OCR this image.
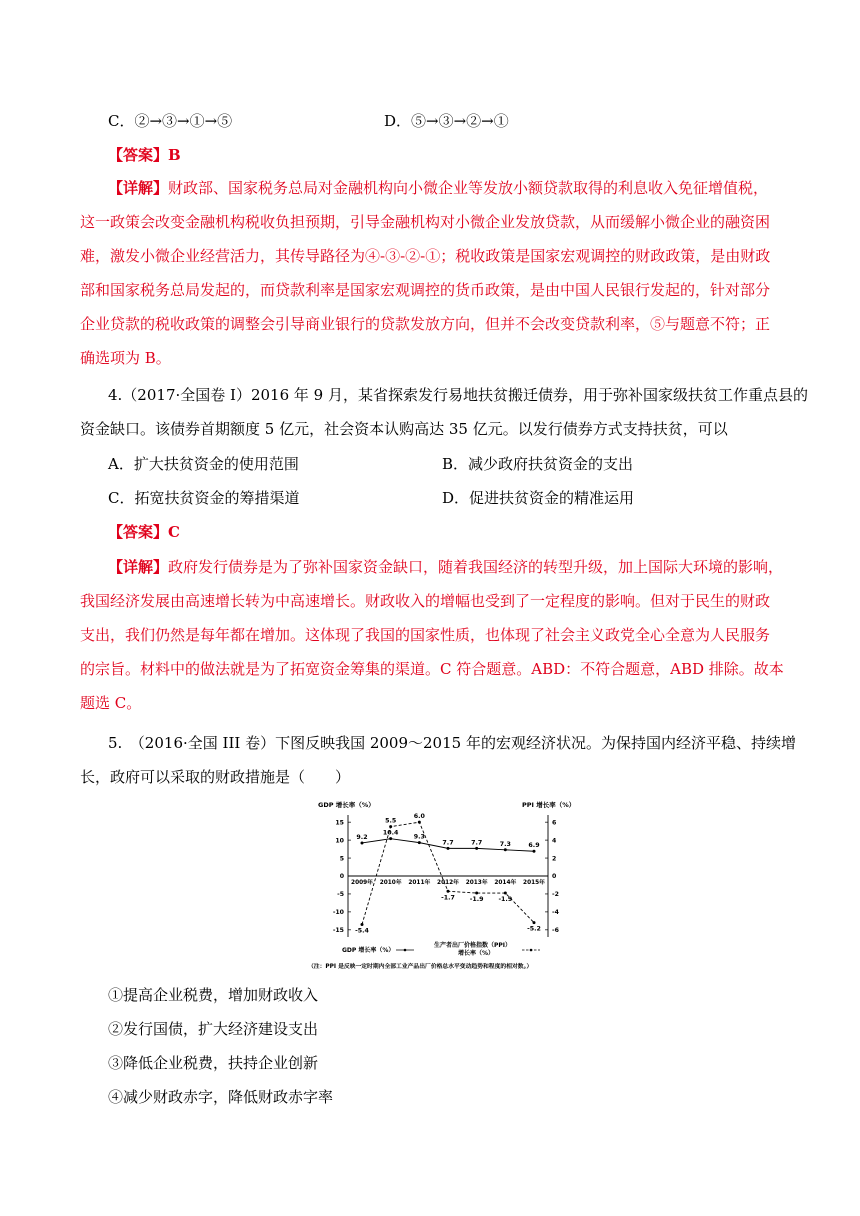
C．②→③→①→⑤	D．⑤→③→②→①
【答案】B
【详解】财政部、国家税务总局对金融机构向小微企业等发放小额贷款取得的利息收入免征增值税，
这一政策会改变金融机构税收负担预期，引导金融机构对小微企业发放贷款，从而缓解小微企业的融资困
难，激发小微企业经营活力，其传导路径为④-③-②-①；税收政策是国家宏观调控的财政政策，是由财政
部和国家税务总局发起的，而贷款利率是国家宏观调控的货币政策，是由中国人民银行发起的，针对部分
企业贷款的税收政策的调整会引导商业银行的贷款发放方向，但并不会改变贷款利率，⑤与题意不符；正
确选项为 B。
4.（2017·全国卷 I）2016 年 9 月，某省探索发行易地扶贫搬迁债券，用于弥补国家级扶贫工作重点县的
资金缺口。该债券首期额度 5 亿元，社会资本认购高达 35 亿元。以发行债券方式支持扶贫，可以
A．扩大扶贫资金的使用范围	B．减少政府扶贫资金的支出
C．拓宽扶贫资金的筹措渠道	D．促进扶贫资金的精准运用
【答案】C
【详解】政府发行债券是为了弥补国家资金缺口，随着我国经济的转型升级，加上国际大环境的影响，
我国经济发展由高速增长转为中高速增长。财政收入的增幅也受到了一定程度的影响。但对于民生的财政
支出，我们仍然是每年都在增加。这体现了我国的国家性质，也体现了社会主义政党全心全意为人民服务
的宗旨。材料中的做法就是为了拓宽资金筹集的渠道。C 符合题意。ABD：不符合题意，ABD 排除。故本
题选 C。
5.　（2016·全国 III 卷）下图反映我国 2009～2015 年的宏观经济状况。为保持国内经济平稳、持续增
长，政府可以采取的财政措施是（　　）
GDP 增长率（%）	PPI 增长率（%）
15
10
5
0
-5
-10
-15
6
4
2
0
-2
-4
-6
2009年 2010年 2011年 2012年 2013年 2014年 2015年
9.2
10.4
9.3
7.7	7.7	7.3	6.9
-5.4
5.5
6.0
-1.7 -1.9 -1.9
-5.2
GDP 增长率（%）
生产者出厂价格指数（PPI）
增长率（%）
（注：PPI 是反映一定时期内全部工业产品出厂价格总水平变动趋势和程度的相对数。）
①提高企业税费，增加财政收入
②发行国债，扩大经济建设支出
③降低企业税费，扶持企业创新
④减少财政赤字，降低财政赤字率
